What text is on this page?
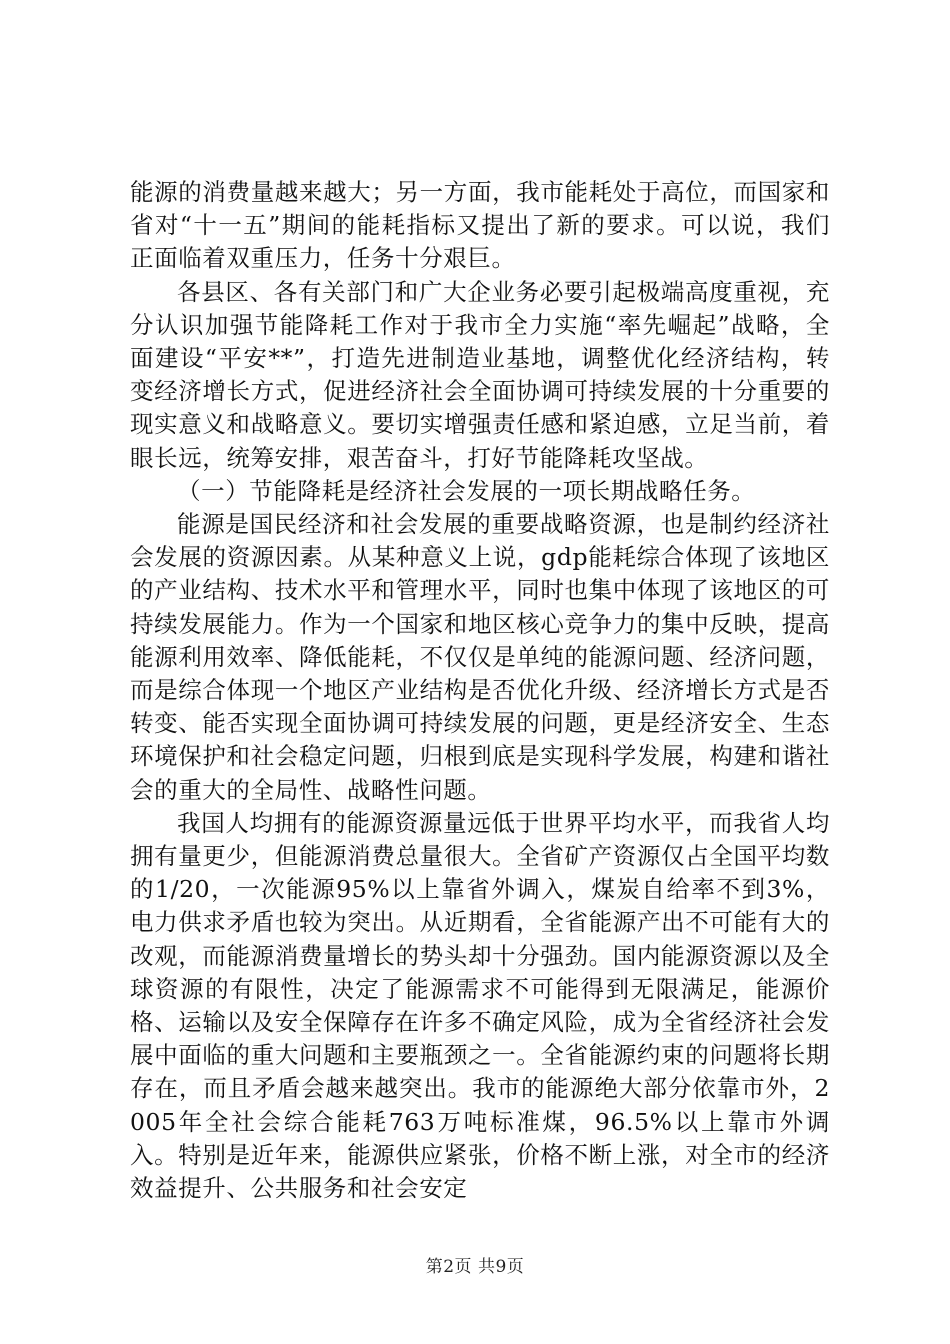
能源的消费量越来越大；另一方面，我市能耗处于高位，而国家和省对“十一五”期间的能耗指标又提出了新的要求。可以说，我们正面临着双重压力，任务十分艰巨。

各县区、各有关部门和广大企业务必要引起极端高度重视，充分认识加强节能降耗工作对于我市全力实施“率先崛起”战略，全面建设“平安**”，打造先进制造业基地，调整优化经济结构，转变经济增长方式，促进经济社会全面协调可持续发展的十分重要的现实意义和战略意义。要切实增强责任感和紧迫感，立足当前，着眼长远，统筹安排，艰苦奋斗，打好节能降耗攻坚战。

（一）节能降耗是经济社会发展的一项长期战略任务。

能源是国民经济和社会发展的重要战略资源，也是制约经济社会发展的资源因素。从某种意义上说，gdp能耗综合体现了该地区的产业结构、技术水平和管理水平，同时也集中体现了该地区的可持续发展能力。作为一个国家和地区核心竞争力的集中反映，提高能源利用效率、降低能耗，不仅仅是单纯的能源问题、经济问题，而是综合体现一个地区产业结构是否优化升级、经济增长方式是否转变、能否实现全面协调可持续发展的问题，更是经济安全、生态环境保护和社会稳定问题，归根到底是实现科学发展，构建和谐社会的重大的全局性、战略性问题。

我国人均拥有的能源资源量远低于世界平均水平，而我省人均拥有量更少，但能源消费总量很大。全省矿产资源仅占全国平均数的1/20，一次能源95%以上靠省外调入，煤炭自给率不到3%，电力供求矛盾也较为突出。从近期看，全省能源产出不可能有大的改观，而能源消费量增长的势头却十分强劲。国内能源资源以及全球资源的有限性，决定了能源需求不可能得到无限满足，能源价格、运输以及安全保障存在许多不确定风险，成为全省经济社会发展中面临的重大问题和主要瓶颈之一。全省能源约束的问题将长期存在，而且矛盾会越来越突出。我市的能源绝大部分依靠市外，2005年全社会综合能耗763万吨标准煤，96.5%以上靠市外调入。特别是近年来，能源供应紧张，价格不断上涨，对全市的经济效益提升、公共服务和社会安定

第2页 共9页
